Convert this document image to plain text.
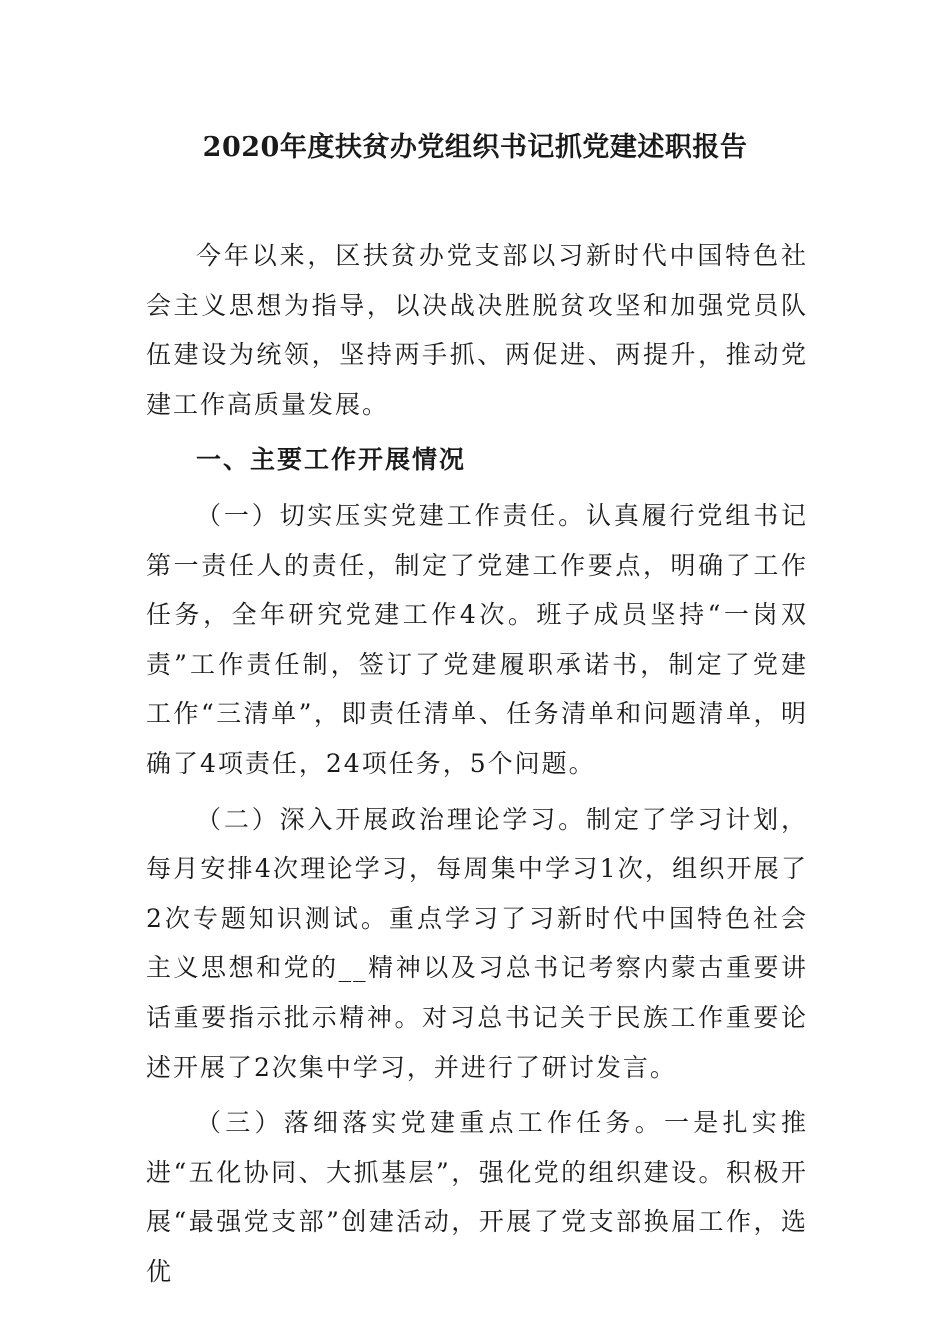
2020年度扶贫办党组织书记抓党建述职报告

今年以来，区扶贫办党支部以习新时代中国特色社会主义思想为指导，以决战决胜脱贫攻坚和加强党员队伍建设为统领，坚持两手抓、两促进、两提升，推动党建工作高质量发展。

一、主要工作开展情况

（一）切实压实党建工作责任。认真履行党组书记第一责任人的责任，制定了党建工作要点，明确了工作任务，全年研究党建工作4次。班子成员坚持“一岗双责”工作责任制，签订了党建履职承诺书，制定了党建工作“三清单”，即责任清单、任务清单和问题清单，明确了4项责任，24项任务，5个问题。

（二）深入开展政治理论学习。制定了学习计划，每月安排4次理论学习，每周集中学习1次，组织开展了2次专题知识测试。重点学习了习新时代中国特色社会主义思想和党的__精神以及习总书记考察内蒙古重要讲话重要指示批示精神。对习总书记关于民族工作重要论述开展了2次集中学习，并进行了研讨发言。

（三）落细落实党建重点工作任务。一是扎实推进“五化协同、大抓基层”，强化党的组织建设。积极开展“最强党支部”创建活动，开展了党支部换届工作，选优
